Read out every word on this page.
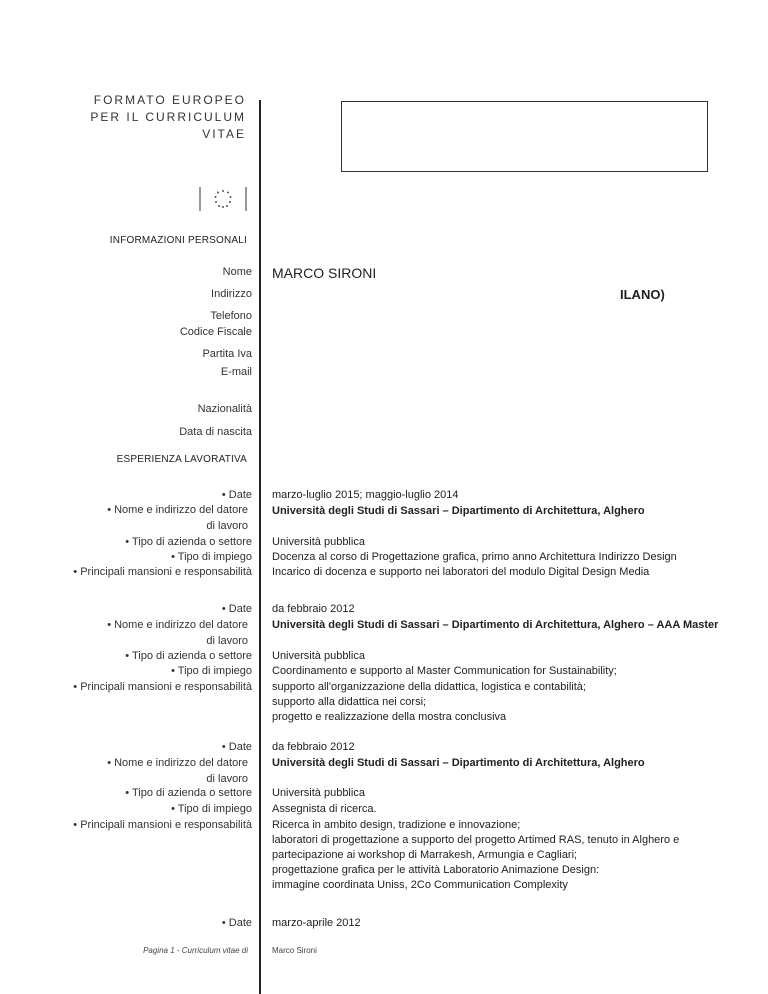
FORMATO EUROPEO
PER IL CURRICULUM
VITAE
INFORMAZIONI PERSONALI
Nome
Indirizzo
Telefono
Codice Fiscale
Partita Iva
E-mail
Nazionalità
Data di nascita
MARCO SIRONI
ILANO)
ESPERIENZA LAVORATIVA
• Date
• Nome e indirizzo del datore di lavoro
• Tipo di azienda o settore
• Tipo di impiego
• Principali mansioni e responsabilità
marzo-luglio 2015; maggio-luglio 2014
Università degli Studi di Sassari – Dipartimento di Architettura, Alghero
Università pubblica
Docenza al corso di Progettazione grafica, primo anno Architettura Indirizzo Design
Incarico di docenza e supporto nei laboratori del modulo Digital Design Media
• Date
• Nome e indirizzo del datore di lavoro
• Tipo di azienda o settore
• Tipo di impiego
• Principali mansioni e responsabilità
da febbraio 2012
Università degli Studi di Sassari – Dipartimento di Architettura, Alghero – AAA Master
Università pubblica
Coordinamento e supporto al Master Communication for Sustainability;
supporto all'organizzazione della didattica, logistica e contabilità;
supporto alla didattica nei corsi;
progetto e realizzazione della mostra conclusiva
• Date
• Nome e indirizzo del datore di lavoro
• Tipo di azienda o settore
• Tipo di impiego
• Principali mansioni e responsabilità
da febbraio 2012
Università degli Studi di Sassari – Dipartimento di Architettura, Alghero
Università pubblica
Assegnista di ricerca.
Ricerca in ambito design, tradizione e innovazione;
laboratori di progettazione a supporto del progetto Artimed RAS, tenuto in Alghero e
partecipazione ai workshop di Marrakesh, Armungia e Cagliari;
progettazione grafica per le attività Laboratorio Animazione Design:
immagine coordinata Uniss, 2Co Communication Complexity
• Date marzo-aprile 2012
Pagina 1 - Curriculum vitae di	Marco Sironi
